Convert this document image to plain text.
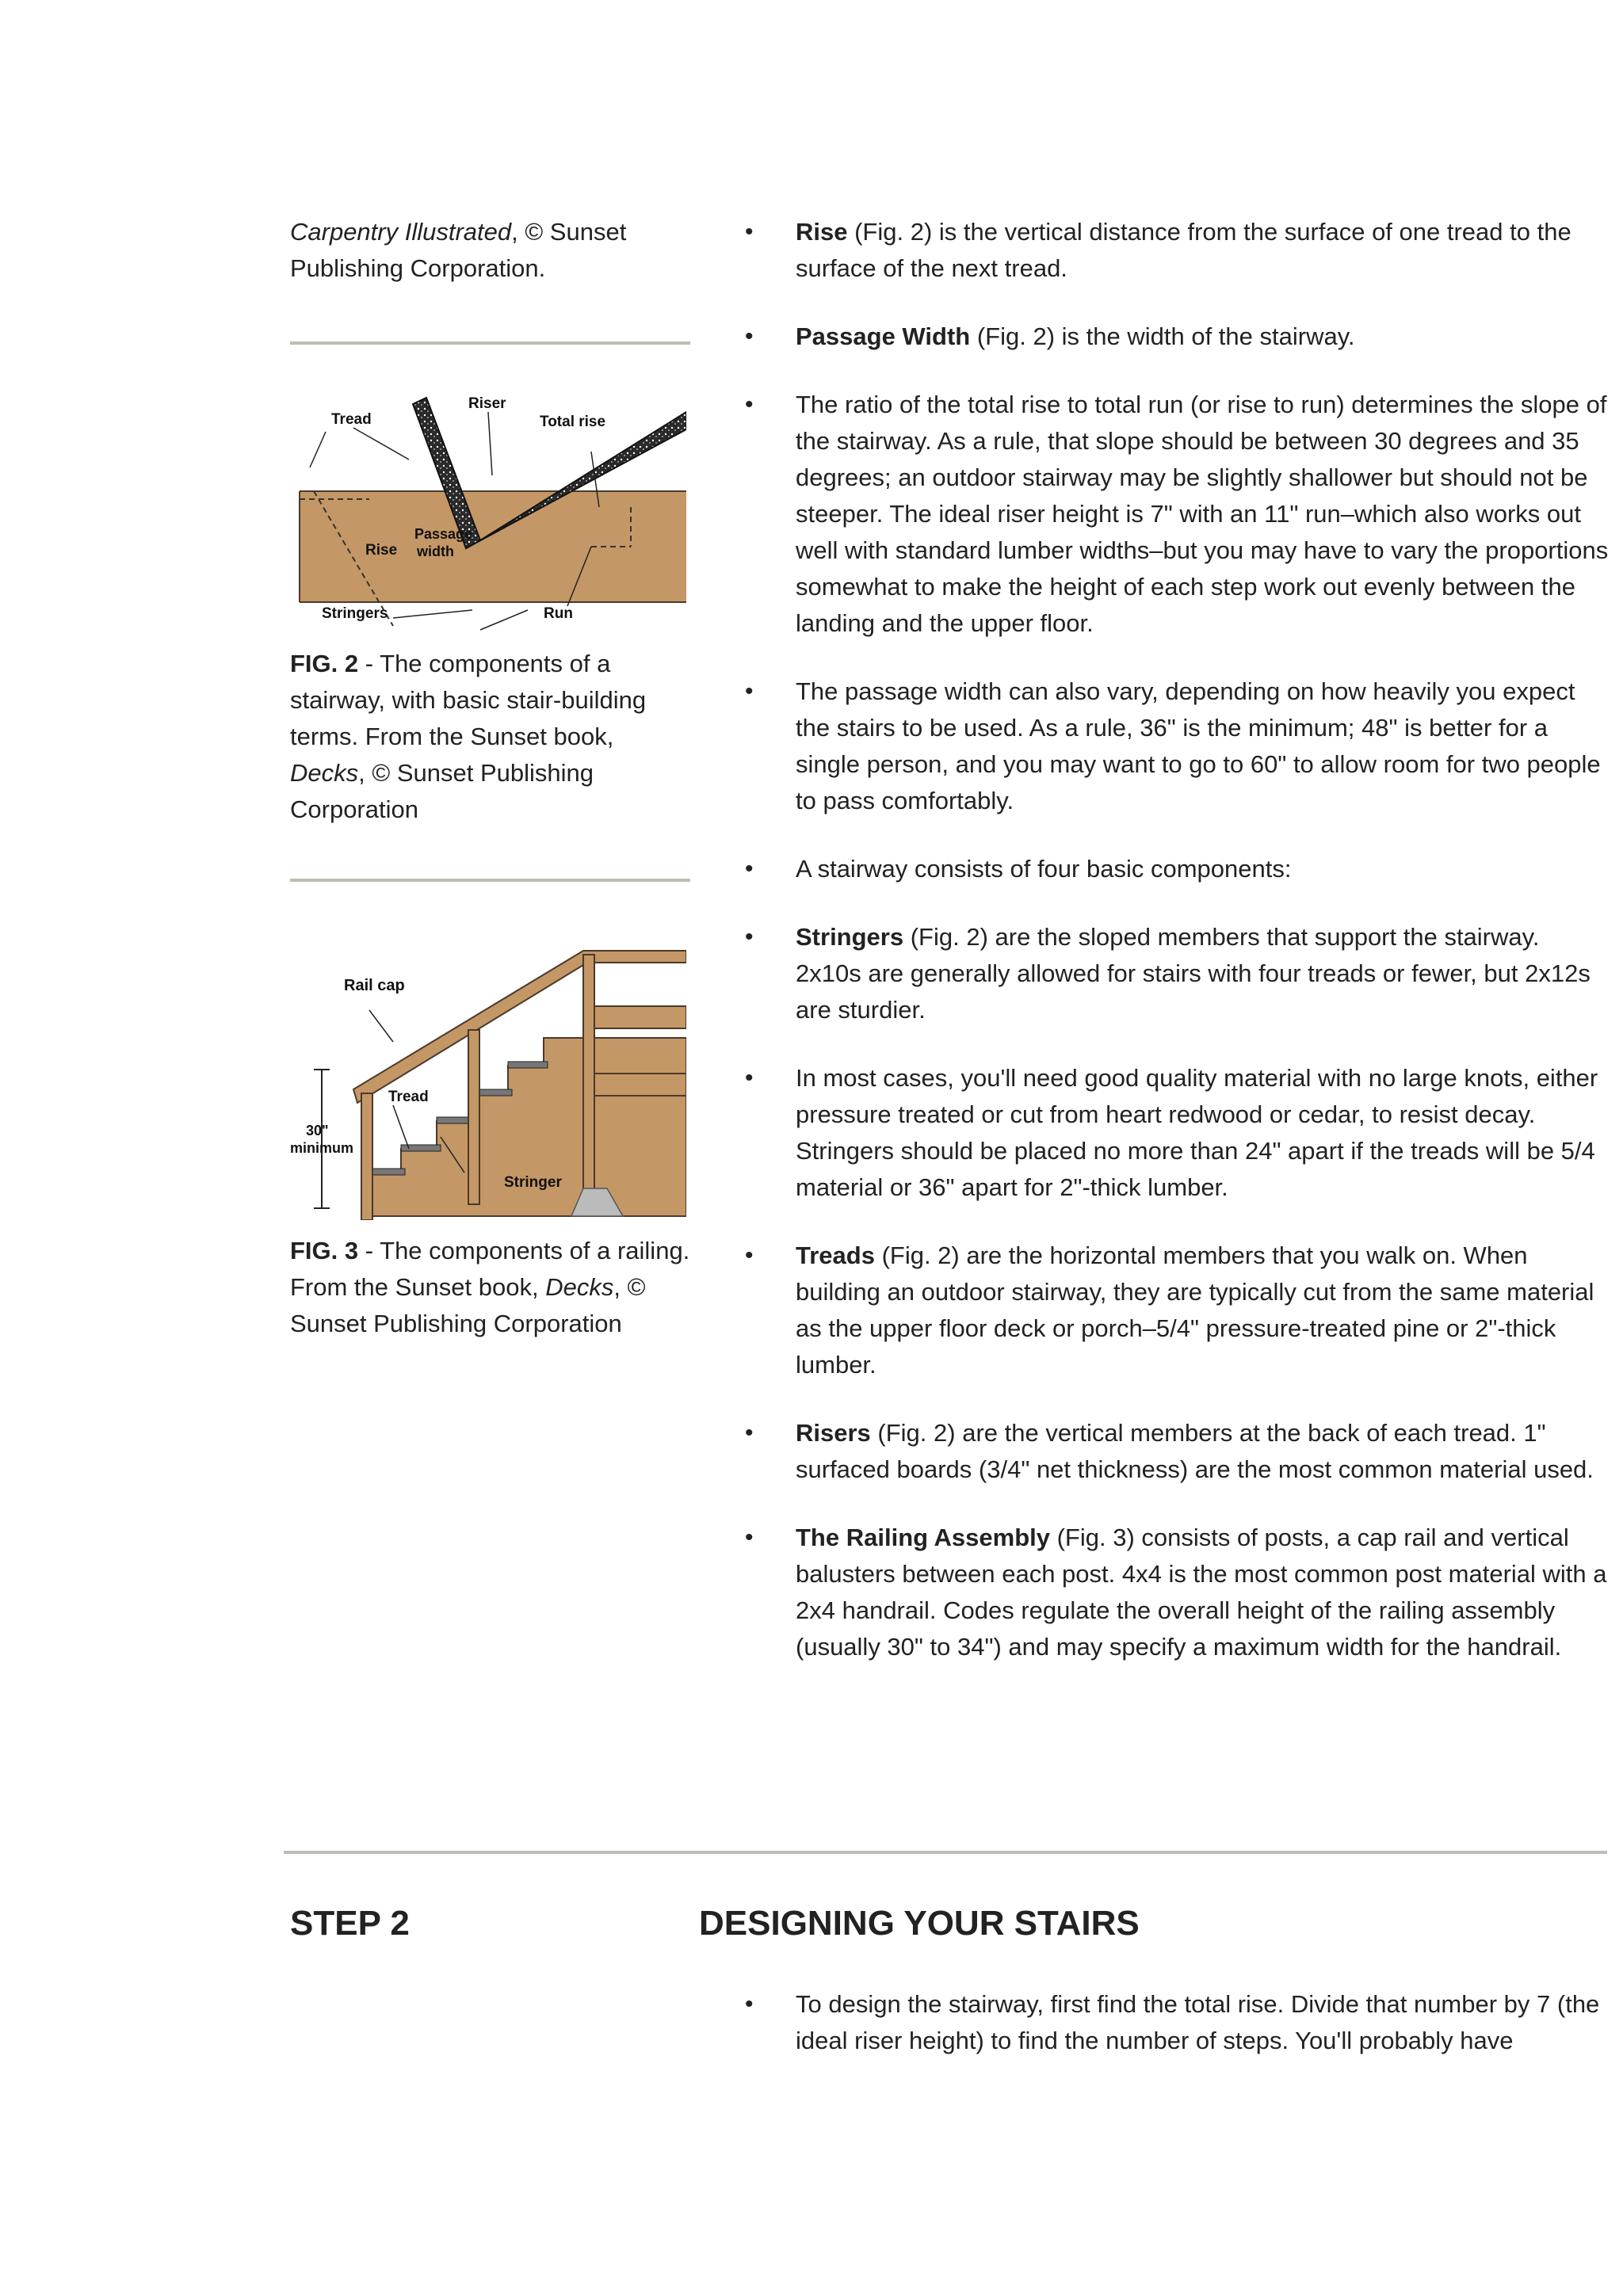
Carpentry Illustrated, © Sunset Publishing Corporation.
Tread
Riser
Total rise
Passage
width
Rise
Stringers	Run
FIG. 2 - The components of a stairway, with basic stair-building terms. From the Sunset book, Decks, © Sunset Publishing Corporation
Rail cap
Tread
30"
minimum
Stringer
FIG. 3 - The components of a railing. From the Sunset book, Decks, © Sunset Publishing Corporation
• Rise (Fig. 2) is the vertical distance from the surface of one tread to the surface of the next tread.
• Passage Width (Fig. 2) is the width of the stairway.
• The ratio of the total rise to total run (or rise to run) determines the slope of the stairway. As a rule, that slope should be between 30 degrees and 35 degrees; an outdoor stairway may be slightly shallower but should not be steeper. The ideal riser height is 7" with an 11" run–which also works out well with standard lumber widths–but you may have to vary the proportions somewhat to make the height of each step work out evenly between the landing and the upper floor.
• The passage width can also vary, depending on how heavily you expect the stairs to be used. As a rule, 36" is the minimum; 48" is better for a single person, and you may want to go to 60" to allow room for two people to pass comfortably.
• A stairway consists of four basic components:
• Stringers (Fig. 2) are the sloped members that support the stairway. 2x10s are generally allowed for stairs with four treads or fewer, but 2x12s are sturdier.
• In most cases, you'll need good quality material with no large knots, either pressure treated or cut from heart redwood or cedar, to resist decay. Stringers should be placed no more than 24" apart if the treads will be 5/4 material or 36" apart for 2"-thick lumber.
• Treads (Fig. 2) are the horizontal members that you walk on. When building an outdoor stairway, they are typically cut from the same material as the upper floor deck or porch–5/4" pressure-treated pine or 2"-thick lumber.
• Risers (Fig. 2) are the vertical members at the back of each tread. 1" surfaced boards (3/4" net thickness) are the most common material used.
• The Railing Assembly (Fig. 3) consists of posts, a cap rail and vertical balusters between each post. 4x4 is the most common post material with a 2x4 handrail. Codes regulate the overall height of the railing assembly (usually 30" to 34") and may specify a maximum width for the handrail.
STEP 2	DESIGNING YOUR STAIRS
• To design the stairway, first find the total rise. Divide that number by 7 (the ideal riser height) to find the number of steps. You'll probably have
